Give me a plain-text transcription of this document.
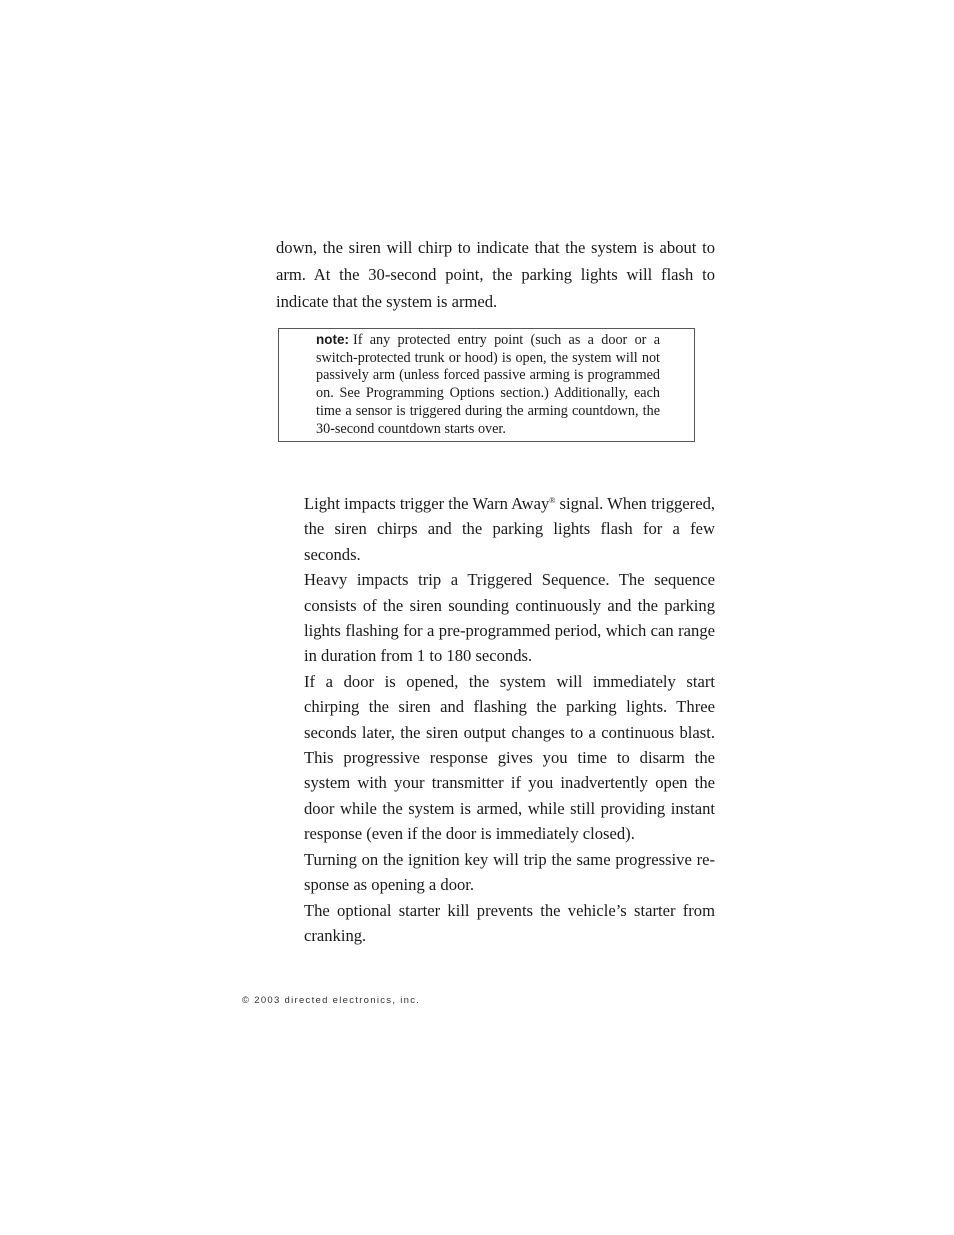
down, the siren will chirp to indicate that the system is about to arm. At the 30-second point, the parking lights will flash to indicate that the system is armed.

note: If any protected entry point (such as a door or a switch-protected trunk or hood) is open, the system will not passively arm (unless forced passive arming is programmed on. See Programming Options section.) Additionally, each time a sensor is triggered during the arming countdown, the 30-second countdown starts over.

Light impacts trigger the Warn Away® signal. When triggered, the siren chirps and the parking lights flash for a few seconds.

Heavy impacts trip a Triggered Sequence. The sequence consists of the siren sounding continuously and the parking lights flashing for a pre-programmed period, which can range in duration from 1 to 180 seconds.

If a door is opened, the system will immediately start chirping the siren and flashing the parking lights. Three seconds later, the siren output changes to a continuous blast. This progressive response gives you time to disarm the system with your transmitter if you inadvertently open the door while the system is armed, while still providing instant response (even if the door is immediately closed).

Turning on the ignition key will trip the same progressive response as opening a door.

The optional starter kill prevents the vehicle’s starter from cranking.

© 2003 directed electronics, inc.
